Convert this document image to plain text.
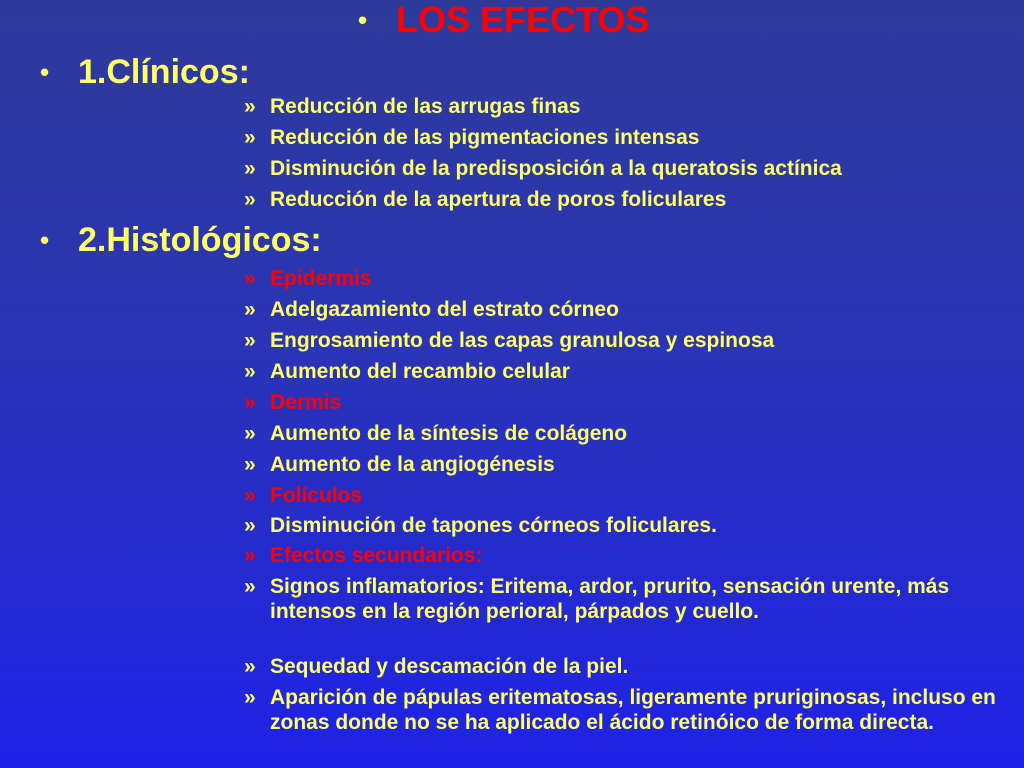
• LOS EFECTOS
• 1.Clínicos:
» Reducción de las arrugas finas
» Reducción de las pigmentaciones intensas
» Disminución de la predisposición a la queratosis actínica
» Reducción de la apertura de poros foliculares
• 2.Histológicos:
» Epidermis
» Adelgazamiento del estrato córneo
» Engrosamiento de las capas granulosa y espinosa
» Aumento del recambio celular
» Dermis
» Aumento de la síntesis de colágeno
» Aumento de la angiogénesis
» Folículos
» Disminución de tapones córneos foliculares.
» Efectos secundarios:
» Signos inflamatorios: Eritema, ardor, prurito, sensación urente, más intensos en la región perioral, párpados y cuello.
» Sequedad y descamación de la piel.
» Aparición de pápulas eritematosas, ligeramente pruriginosas, incluso en zonas donde no se ha aplicado el ácido retinóico de forma directa.
